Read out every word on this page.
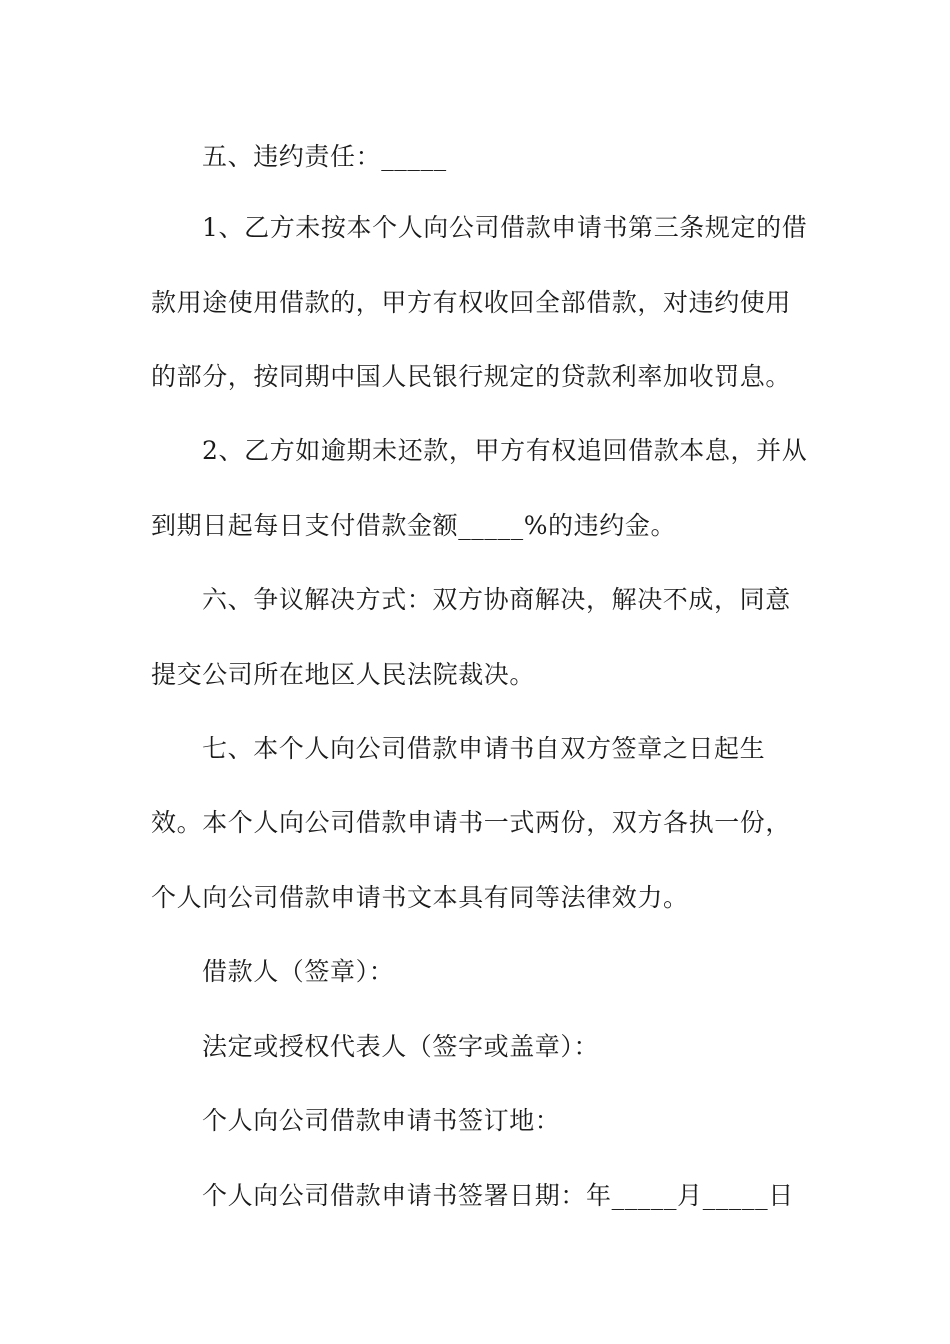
五、违约责任：_____
1、乙方未按本个人向公司借款申请书第三条规定的借
款用途使用借款的，甲方有权收回全部借款，对违约使用
的部分，按同期中国人民银行规定的贷款利率加收罚息。
2、乙方如逾期未还款，甲方有权追回借款本息，并从
到期日起每日支付借款金额_____%的违约金。
六、争议解决方式：双方协商解决，解决不成，同意
提交公司所在地区人民法院裁决。
七、本个人向公司借款申请书自双方签章之日起生
效。本个人向公司借款申请书一式两份，双方各执一份，
个人向公司借款申请书文本具有同等法律效力。
借款人（签章）：
法定或授权代表人（签字或盖章）：
个人向公司借款申请书签订地：
个人向公司借款申请书签署日期：年_____月_____日
